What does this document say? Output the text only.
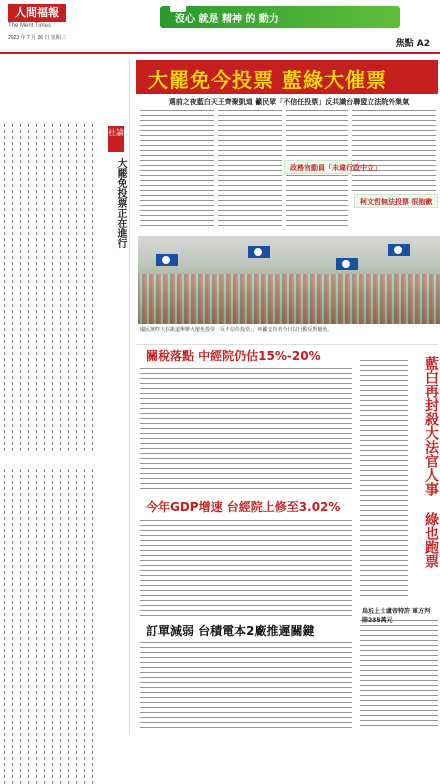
人間福報
The Merit Times
2023 年 7 月 26 日 星期三
沒心 就是 精神 的 動力
焦點 A2
社論
大罷免投票正在進行
大罷免今投票 藍綠大催票
選前之夜藍白天王齊聚凱道 籲民眾「不信任投票」反共識台聯盟立法院外集氣
政務官動員「未違行政中立」
柯文哲無法投票 很抱歉
國民黨昨天在凱道舉辦大罷免投票「反不信任投票」，呼籲支持者今日以行動反對罷免。
關稅落點 中經院仍估15%-20%
今年GDP增速 台經院上修至3.02%
訂單減弱 台積電本2廠推遲關鍵
藍白再封殺大法官人事 綠也跑票
烏坵上士盧帝特許 軍方判賠235萬元
